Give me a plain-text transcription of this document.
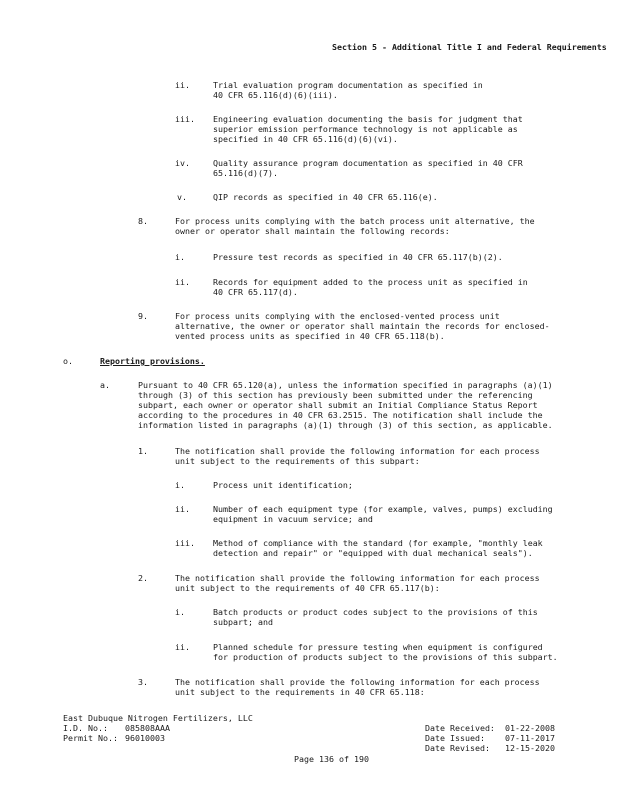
Section 5 - Additional Title I and Federal Requirements

ii.	Trial evaluation program documentation as specified in

40 CFR 65.116(d)(6)(iii).

iii. Engineering evaluation documenting the basis for judgment that

superior emission performance technology is not applicable as

specified in 40 CFR 65.116(d)(6)(vi).

iv.	Quality assurance program documentation as specified in 40 CFR

65.116(d)(7).

v.	QIP records as specified in 40 CFR 65.116(e).

8.	For process units complying with the batch process unit alternative, the

owner or operator shall maintain the following records:

i.	Pressure test records as specified in 40 CFR 65.117(b)(2).

ii.	Records for equipment added to the process unit as specified in

40 CFR 65.117(d).

9.	For process units complying with the enclosed-vented process unit

alternative, the owner or operator shall maintain the records for enclosed-

vented process units as specified in 40 CFR 65.118(b).

o.	Reporting provisions.

a.	Pursuant to 40 CFR 65.120(a), unless the information specified in paragraphs (a)(1)

through (3) of this section has previously been submitted under the referencing

subpart, each owner or operator shall submit an Initial Compliance Status Report

according to the procedures in 40 CFR 63.2515. The notification shall include the

information listed in paragraphs (a)(1) through (3) of this section, as applicable.

1.	The notification shall provide the following information for each process

unit subject to the requirements of this subpart:

i.	Process unit identification;

ii.	Number of each equipment type (for example, valves, pumps) excluding

equipment in vacuum service; and

iii. Method of compliance with the standard (for example, "monthly leak

detection and repair" or "equipped with dual mechanical seals").

2.	The notification shall provide the following information for each process

unit subject to the requirements of 40 CFR 65.117(b):

i.	Batch products or product codes subject to the provisions of this

subpart; and

ii.	Planned schedule for pressure testing when equipment is configured

for production of products subject to the provisions of this subpart.

3.	The notification shall provide the following information for each process

unit subject to the requirements in 40 CFR 65.118:

East Dubuque Nitrogen Fertilizers, LLC

I.D. No.: 085808AAA

Permit No.: 96010003

Date Received: 01-22-2008

Date Issued: 07-11-2017

Date Revised: 12-15-2020

Page 136 of 190
